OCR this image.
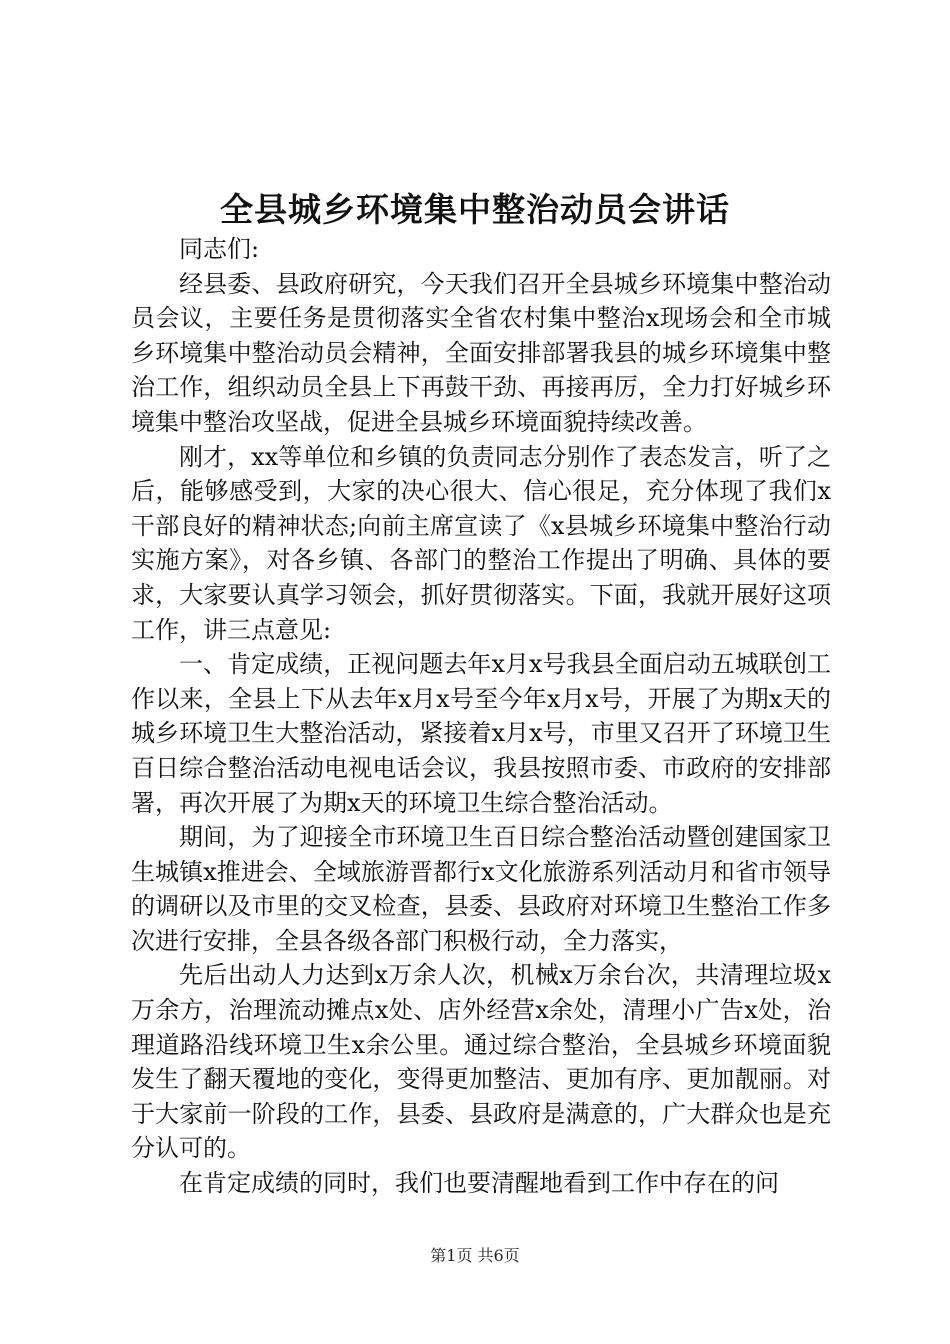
全县城乡环境集中整治动员会讲话

同志们:

经县委、县政府研究，今天我们召开全县城乡环境集中整治动员会议，主要任务是贯彻落实全省农村集中整治x现场会和全市城乡环境集中整治动员会精神，全面安排部署我县的城乡环境集中整治工作，组织动员全县上下再鼓干劲、再接再厉，全力打好城乡环境集中整治攻坚战，促进全县城乡环境面貌持续改善。

刚才，xx等单位和乡镇的负责同志分别作了表态发言，听了之后，能够感受到，大家的决心很大、信心很足，充分体现了我们x干部良好的精神状态;向前主席宣读了《x县城乡环境集中整治行动实施方案》，对各乡镇、各部门的整治工作提出了明确、具体的要求，大家要认真学习领会，抓好贯彻落实。下面，我就开展好这项工作，讲三点意见:

一、肯定成绩，正视问题去年x月x号我县全面启动五城联创工作以来，全县上下从去年x月x号至今年x月x号，开展了为期x天的城乡环境卫生大整治活动，紧接着x月x号，市里又召开了环境卫生百日综合整治活动电视电话会议，我县按照市委、市政府的安排部署，再次开展了为期x天的环境卫生综合整治活动。

期间，为了迎接全市环境卫生百日综合整治活动暨创建国家卫生城镇x推进会、全域旅游晋都行x文化旅游系列活动月和省市领导的调研以及市里的交叉检查，县委、县政府对环境卫生整治工作多次进行安排，全县各级各部门积极行动，全力落实，

先后出动人力达到x万余人次，机械x万余台次，共清理垃圾x万余方，治理流动摊点x处、店外经营x余处，清理小广告x处，治理道路沿线环境卫生x余公里。通过综合整治，全县城乡环境面貌发生了翻天覆地的变化，变得更加整洁、更加有序、更加靓丽。对于大家前一阶段的工作，县委、县政府是满意的，广大群众也是充分认可的。

在肯定成绩的同时，我们也要清醒地看到工作中存在的问

第1页 共6页
